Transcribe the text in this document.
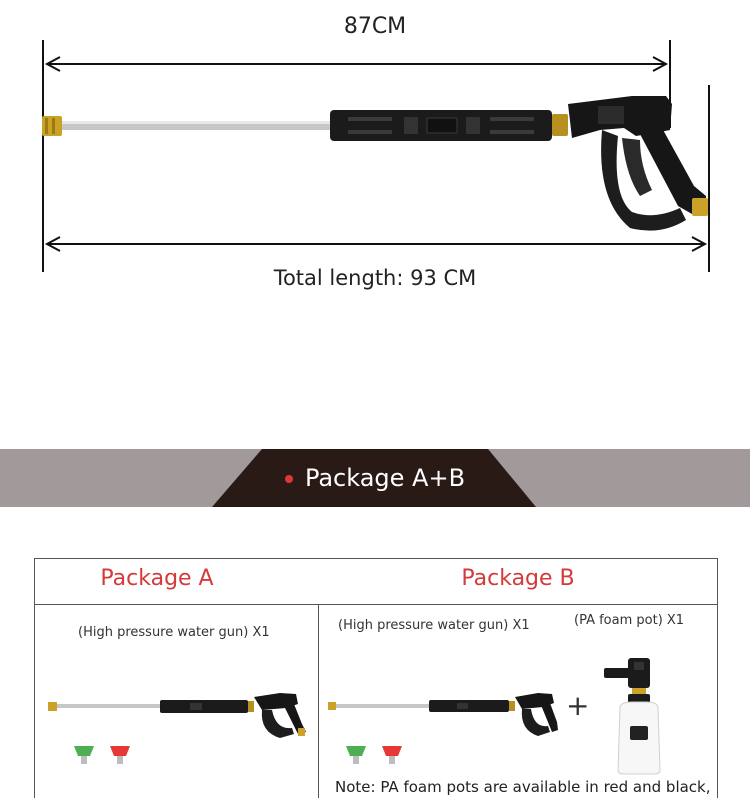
87CM
Total length: 93 CM
Package A+B
Package A	Package B
(High pressure water gun) X1	(High pressure water gun) X1	(PA foam pot) X1
+
Note: PA foam pots are available in red and black,
